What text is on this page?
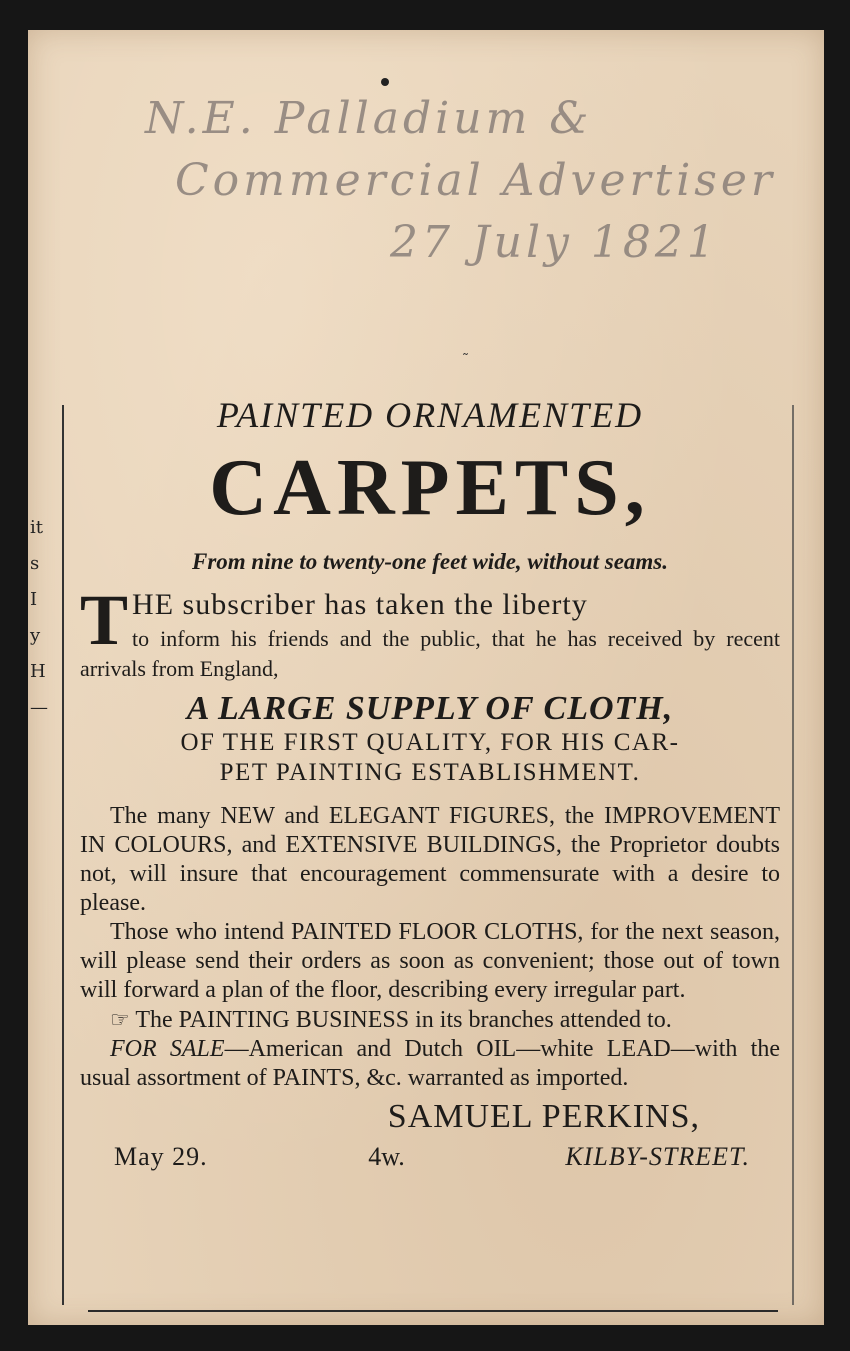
N.E. Palladium &
Commercial Advertiser
27 July 1821
˜
it
s
I
y
H
—
PAINTED ORNAMENTED
CARPETS,
From nine to twenty-one feet wide, without seams.
T HE subscriber has taken the liberty
to inform his friends and the public, that he has received by recent arrivals from England,
A LARGE SUPPLY OF CLOTH,
OF THE FIRST QUALITY, FOR HIS CAR-
PET PAINTING ESTABLISHMENT.

The many NEW and ELEGANT FIGURES, the IMPROVEMENT IN COLOURS, and EXTENSIVE BUILDINGS, the Proprietor doubts not, will insure that encouragement commensurate with a desire to please.

Those who intend PAINTED FLOOR CLOTHS, for the next season, will please send their orders as soon as convenient; those out of town will forward a plan of the floor, describing every irregular part.

☞ The PAINTING BUSINESS in its branches attended to.

FOR SALE—American and Dutch OIL—white LEAD—with the usual assortment of PAINTS, &c. warranted as imported.

SAMUEL PERKINS,
May 29.	4w.	KILBY-STREET.
